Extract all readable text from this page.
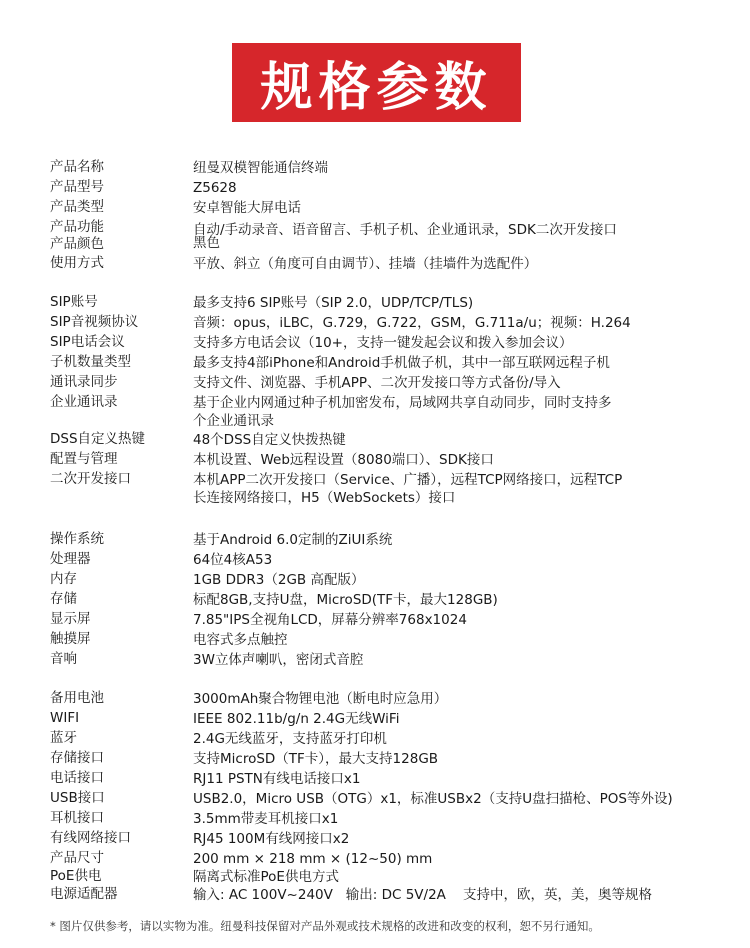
规格参数
产品名称	纽曼双模智能通信终端
产品型号	Z5628
产品类型	安卓智能大屏电话
产品功能	自动/手动录音、语音留言、手机子机、企业通讯录，SDK二次开发接口
产品颜色	黑色
使用方式	平放、斜立（角度可自由调节）、挂墙（挂墙件为选配件）
SIP账号	最多支持6 SIP账号（SIP 2.0，UDP/TCP/TLS)
SIP音视频协议	音频：opus，iLBC，G.729，G.722，GSM，G.711a/u；视频：H.264
SIP电话会议	支持多方电话会议（10+，支持一键发起会议和拨入参加会议）
子机数量类型	最多支持4部iPhone和Android手机做子机，其中一部互联网远程子机
通讯录同步	支持文件、浏览器、手机APP、二次开发接口等方式备份/导入
企业通讯录	基于企业内网通过种子机加密发布，局域网共享自动同步，同时支持多
个企业通讯录
DSS自定义热键	48个DSS自定义快拨热键
配置与管理	本机设置、Web远程设置（8080端口）、SDK接口
二次开发接口	本机APP二次开发接口（Service、广播），远程TCP网络接口，远程TCP
长连接网络接口，H5（WebSockets）接口
操作系统	基于Android 6.0定制的ZiUI系统
处理器	64位4核A53
内存	1GB DDR3（2GB 高配版）
存储	标配8GB,支持U盘，MicroSD(TF卡，最大128GB)
显示屏	7.85"IPS全视角LCD，屏幕分辨率768x1024
触摸屏	电容式多点触控
音响	3W立体声喇叭，密闭式音腔
备用电池	3000mAh聚合物锂电池（断电时应急用）
WIFI	IEEE 802.11b/g/n 2.4G无线WiFi
蓝牙	2.4G无线蓝牙，支持蓝牙打印机
存储接口	支持MicroSD（TF卡），最大支持128GB
电话接口	RJ11 PSTN有线电话接口x1
USB接口	USB2.0，Micro USB（OTG）x1，标准USBx2（支持U盘扫描枪、POS等外设)
耳机接口	3.5mm带麦耳机接口x1
有线网络接口	RJ45 100M有线网接口x2
产品尺寸	200 mm × 218 mm × (12~50) mm
PoE供电	隔离式标准PoE供电方式
电源适配器	输入: AC 100V~240V   输出: DC 5V/2A    支持中，欧，英，美，奥等规格
* 图片仅供参考，请以实物为准。纽曼科技保留对产品外观或技术规格的改进和改变的权利，恕不另行通知。
